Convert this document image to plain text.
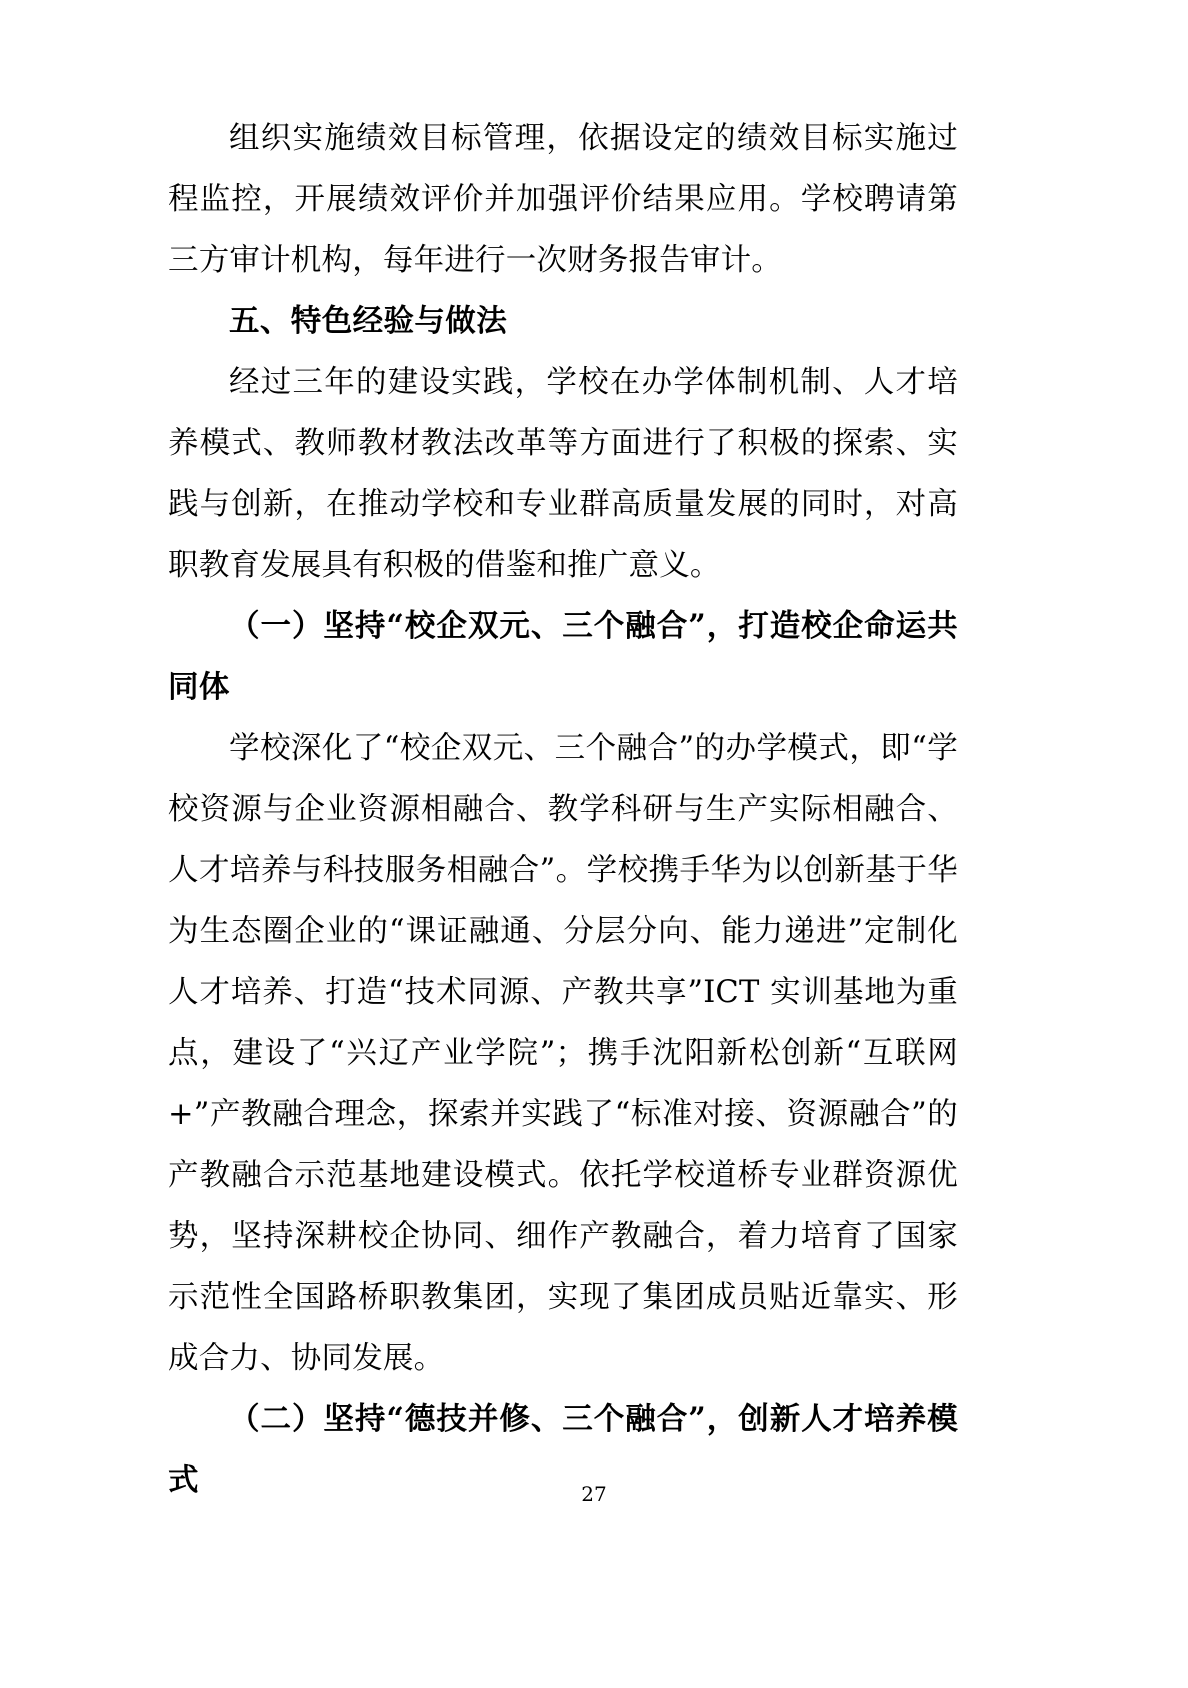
组织实施绩效目标管理，依据设定的绩效目标实施过程监控，开展绩效评价并加强评价结果应用。学校聘请第三方审计机构，每年进行一次财务报告审计。

五、特色经验与做法

经过三年的建设实践，学校在办学体制机制、人才培养模式、教师教材教法改革等方面进行了积极的探索、实践与创新，在推动学校和专业群高质量发展的同时，对高职教育发展具有积极的借鉴和推广意义。

（一）坚持“校企双元、三个融合”，打造校企命运共同体

学校深化了“校企双元、三个融合”的办学模式，即“学校资源与企业资源相融合、教学科研与生产实际相融合、人才培养与科技服务相融合”。学校携手华为以创新基于华为生态圈企业的“课证融通、分层分向、能力递进”定制化人才培养、打造“技术同源、产教共享”ICT 实训基地为重点，建设了“兴辽产业学院”；携手沈阳新松创新“互联网+”产教融合理念，探索并实践了“标准对接、资源融合”的产教融合示范基地建设模式。依托学校道桥专业群资源优势，坚持深耕校企协同、细作产教融合，着力培育了国家示范性全国路桥职教集团，实现了集团成员贴近靠实、形成合力、协同发展。

（二）坚持“德技并修、三个融合”，创新人才培养模式	27
